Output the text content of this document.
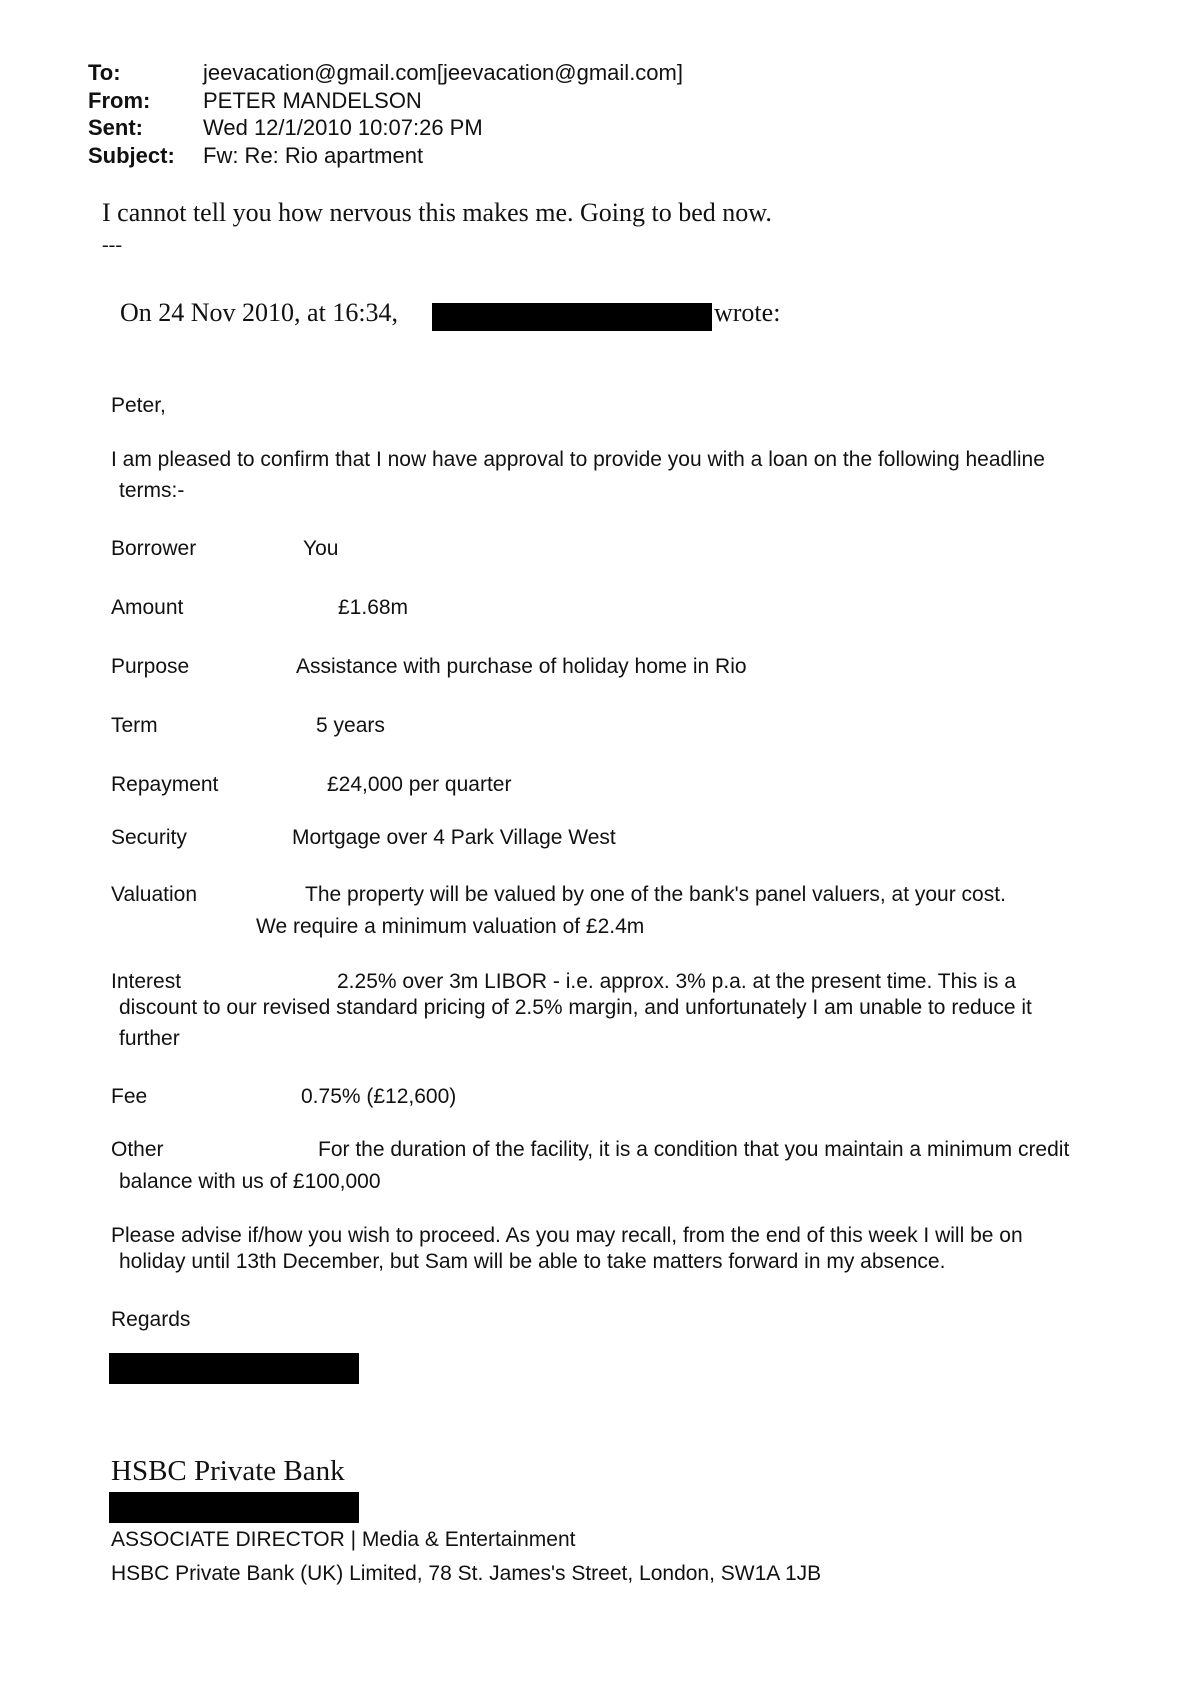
To:	jeevacation@gmail.com[jeevacation@gmail.com]
From: PETER MANDELSON
Sent:	Wed 12/1/2010 10:07:26 PM
Subject: Fw: Re: Rio apartment
I cannot tell you how nervous this makes me. Going to bed now.
---
On 24 Nov 2010, at 16:34,	wrote:
Peter,
I am pleased to confirm that I now have approval to provide you with a loan on the following headline
terms:-
Borrower	You
Amount	£1.68m
Purpose	Assistance with purchase of holiday home in Rio
Term	5 years
Repayment	£24,000 per quarter
Security	Mortgage over 4 Park Village West
Valuation	The property will be valued by one of the bank's panel valuers, at your cost.
We require a minimum valuation of £2.4m
Interest	2.25% over 3m LIBOR - i.e. approx. 3% p.a. at the present time. This is a
discount to our revised standard pricing of 2.5% margin, and unfortunately I am unable to reduce it
further
Fee	0.75% (£12,600)
Other	For the duration of the facility, it is a condition that you maintain a minimum credit
balance with us of £100,000
Please advise if/how you wish to proceed. As you may recall, from the end of this week I will be on
holiday until 13th December, but Sam will be able to take matters forward in my absence.
Regards
HSBC Private Bank
ASSOCIATE DIRECTOR | Media & Entertainment
HSBC Private Bank (UK) Limited, 78 St. James's Street, London, SW1A 1JB
